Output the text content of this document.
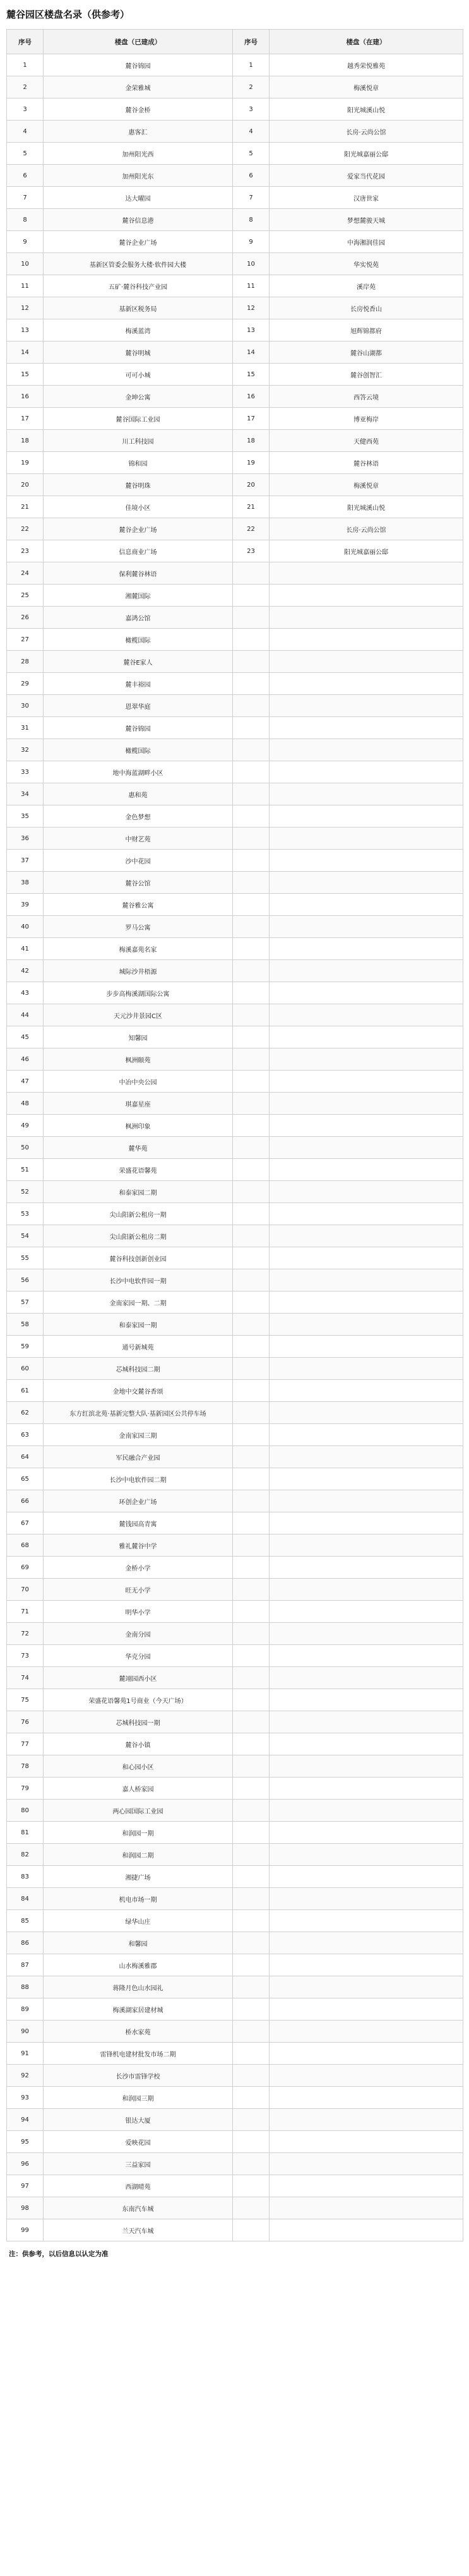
麓谷园区楼盘名录（供参考）
序号	楼盘（已建成）	序号	楼盘（在建）
1	麓谷锦园	1	越秀荣悦雅苑
2	金荣雅城	2	梅溪悦章
3	麓谷金桥	3	阳光城溪山悦
4	惠客汇	4	长房·云尚公馆
5	加州阳光西	5	阳光城嘉丽公邸
6	加州阳光东	6	爱家当代花园
7	达大曜园	7	汉唐世家
8	麓谷信息港	8	梦想麓骏天城
9	麓谷企业广场	9	中海湘润佳园
10	基新区管委会服务大楼·软件园大楼	10	华实悦苑
11	五矿·麓谷科技产业园	11	溪岸苑
12	基新区税务局	12	长房悦香山
13	梅溪蓝湾	13	旭辉锦都府
14	麓谷明城	14	麓谷山湖都
15	可可小城	15	麓谷创智汇
16	金坤公寓	16	西答云境
17	麓谷国际工业园	17	博亚梅岸
18	川工科技园	18	天健西苑
19	锦和园	19	麓谷林语
20	麓谷明珠	20	梅溪悦章
21	佳境小区	21	阳光城溪山悦
22	麓谷企业广场	22	长房·云尚公馆
23	信息商业广场	23	阳光城嘉丽公邸
24	保利麓谷林语		
25	湘麓国际		
26	嘉鸿公馆		
27	橄榄国际		
28	麓谷E家人		
29	麓丰裕园		
30	恩翠华庭		
31	麓谷锦园		
32	橄榄国际		
33	地中海蓝湖畔小区		
34	惠和苑		
35	金色梦想		
36	中财艺苑		
37	沙中花园		
38	麓谷公馆		
39	麓谷雅公寓		
40	罗马公寓		
41	梅溪嘉苑名家		
42	城际沙井梧源		
43	步步高梅溪湖国际公寓		
44	天元沙井景园C区		
45	知馨园		
46	枫洲颐苑		
47	中冶中央公园		
48	琪嘉星座		
49	枫洲印象		
50	麓华苑		
51	荣盛花语馨苑		
52	和泰家园二期		
53	尖山阳新公租房一期		
54	尖山阳新公租房二期		
55	麓谷科技创新创业园		
56	长沙中电软件园一期		
57	金南家园一期、二期		
58	和泰家园一期		
59	通号新城苑		
60	芯城科技园二期		
61	金地中交麓谷香颂		
62	东方红滨北苑·基新完整大队·基新园区公共停车场		
63	金南家园三期		
64	军民融合产业园		
65	长沙中电软件园二期		
66	环创企业广场		
67	麓钱园高青寓		
68	雅礼麓谷中学		
69	金桥小学		
70	旺无小学		
71	明华小学		
72	金南分园		
73	华克分园		
74	麓翊园西小区		
75	荣盛花语馨苑1号商业（今天广场）		
76	芯城科技园一期		
77	麓谷小镇		
78	和心园小区		
79	嘉人桥家园		
80	两心园国际工业园		
81	和润园一期		
82	和润园二期		
83	湘捷广场		
84	机电市场一期		
85	绿华山庄		
86	和馨园		
87	山水梅溪雅郡		
88	蒋隆月色山水园礼		
89	梅溪湖家居建材城		
90	桥水家苑		
91	雷锋机电建材批发市场二期		
92	长沙市雷锋学校		
93	和润园三期		
94	银达大厦		
95	爱映花园		
96	三益家园		
97	西湖晴苑		
98	东南汽车城		
99	兰天汽车城		
注：供参考，以后信息以认定为准
